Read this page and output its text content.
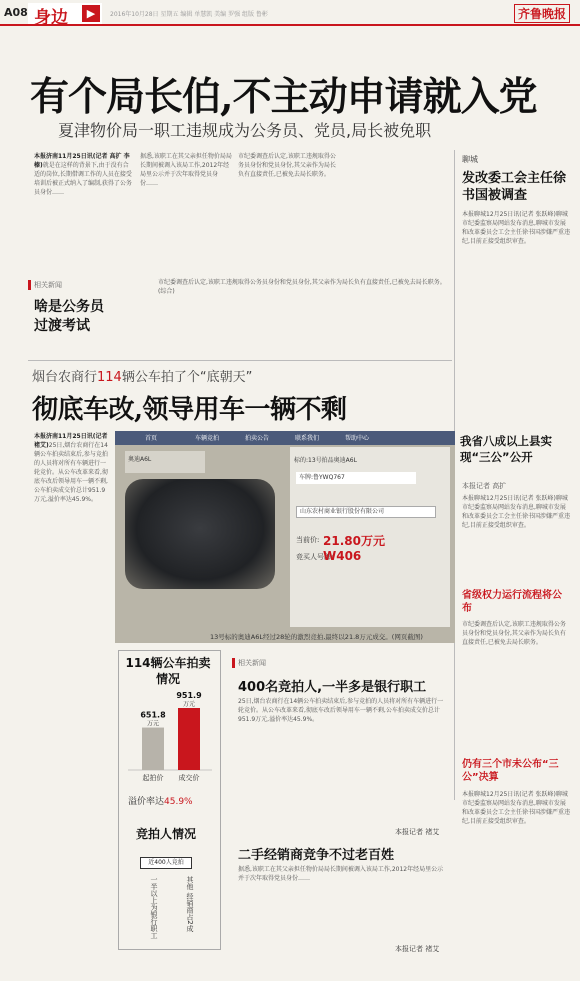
A08 身边	▶	2016年10月28日 星期五 编辑 单慧凯 美编 罗强 组版 鲁彬	齐鲁晚报
有个局长伯,不主动申请就入党
夏津物价局一职工违规成为公务员、党员,局长被免职

本报济南11月25日讯(记者 高扩 李榛)就是在这样的背景下,由于没有合适的岗位,长期借调工作的人员在接受培训后被正式纳入了编制,获得了公务员身份……

据悉,该职工在其父亲担任物价局局长期间被调入该局工作,2012年经局里公示并于次年取得党员身份……

市纪委调查后认定,该职工违规取得公务员身份和党员身份,其父亲作为局长负有直接责任,已被免去局长职务。

市纪委调查后认定,该职工违规取得公务员身份和党员身份,其父亲作为局长负有直接责任,已被免去局长职务。(综合)

聊城
发改委工会主任徐书国被调查
本报聊城12月25日讯(记者 张跃峰)聊城市纪委监察局网站发布消息,聊城市发展和改革委员会工会主任徐书国涉嫌严重违纪,目前正接受组织审查。
相关新闻
啥是公务员过渡考试
烟台农商行114辆公车拍了个“底朝天”
彻底车改,领导用车一辆不剩

本报济南11月25日讯(记者 褚艾)25日,烟台农商行在14辆公车拍卖结束后,参与竞拍的人员将对所有车辆进行一轮竞价。从公车改革来看,彻底车改后领导用车一辆不剩,公车拍卖成交价总计951.9万元,溢价率达45.9%。

首页	车辆竞拍	拍卖公告	联系我们	帮助中心
奥迪A6L	标的:13号拍品奥迪A6L
车牌:鲁YWQ767
山东农村商业银行股份有限公司
当前价: 21.80万元
竞买人号牌:
W406
13号标的奥迪A6L经过28轮的激烈竞拍,最终以21.8万元成交。(网页截图)
114辆公车拍卖情况
651.8
万元
起拍价
951.9
万元
成交价
溢价率达45.9%
竞拍人情况
近400人竞拍
一半以上为银行职工	其他 经销商占2成
相关新闻
400名竞拍人,一半多是银行职工
25日,烟台农商行在14辆公车拍卖结束后,参与竞拍的人员将对所有车辆进行一轮竞价。从公车改革来看,彻底车改后领导用车一辆不剩,公车拍卖成交价总计951.9万元,溢价率达45.9%。
本报记者 褚艾
二手经销商竞争不过老百姓
据悉,该职工在其父亲担任物价局局长期间被调入该局工作,2012年经局里公示并于次年取得党员身份……
本报记者 褚艾
我省八成以上县实现“三公”公开
本报记者 高扩
本报聊城12月25日讯(记者 张跃峰)聊城市纪委监察局网站发布消息,聊城市发展和改革委员会工会主任徐书国涉嫌严重违纪,目前正接受组织审查。
省级权力运行流程将公布
市纪委调查后认定,该职工违规取得公务员身份和党员身份,其父亲作为局长负有直接责任,已被免去局长职务。
仍有三个市未公布“三公”决算
本报聊城12月25日讯(记者 张跃峰)聊城市纪委监察局网站发布消息,聊城市发展和改革委员会工会主任徐书国涉嫌严重违纪,目前正接受组织审查。
